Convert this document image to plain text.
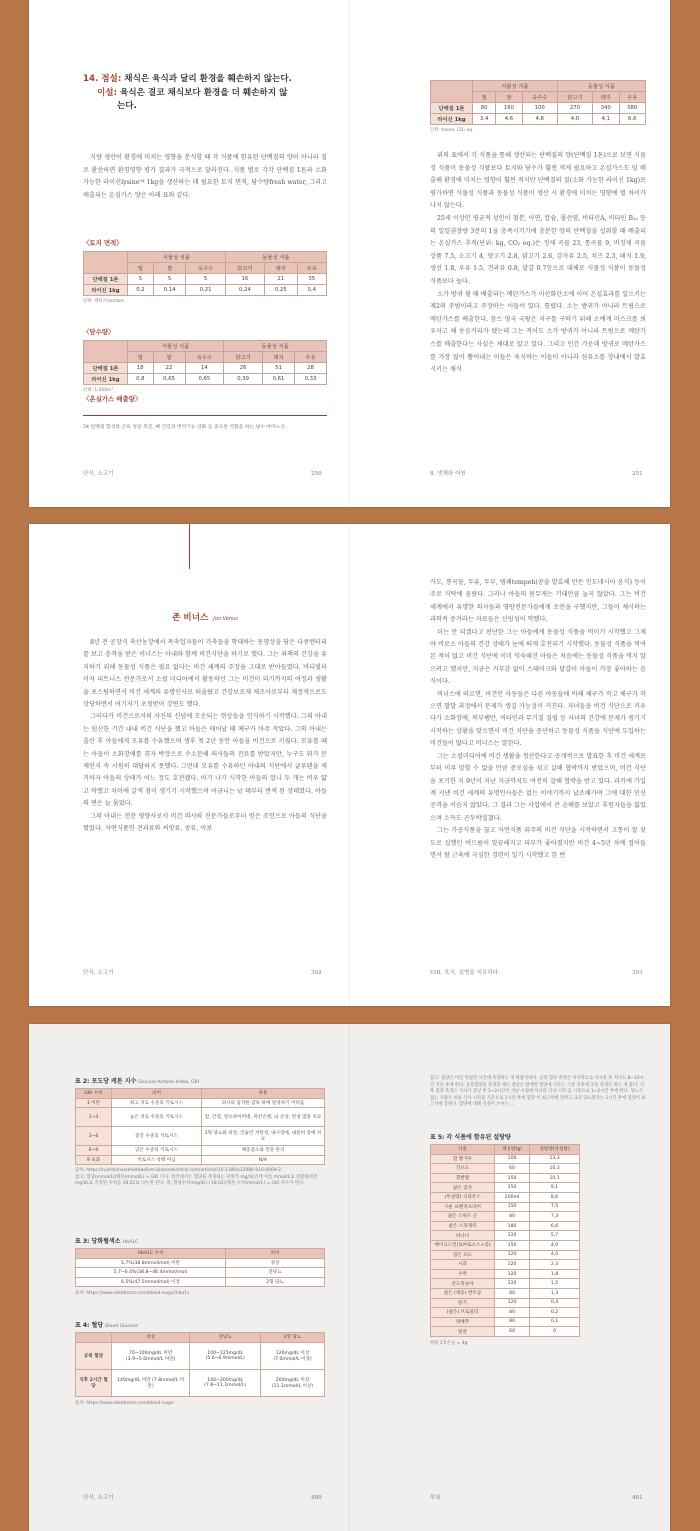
14. 점설: 채식은 육식과 달리 환경을 훼손하지 않는다.
이설: 육식은 결코 채식보다 환경을 더 훼손하지 않
는다.

식량 생산이 환경에 미치는 영향을 분석할 때 각 식품에 함유된 단백질의 양이 아니라 질로 환산하면 환경영향 평가 결과가 극적으로 달라진다. 식품 별로 각각 단백질 1톤과 소화 가능한 라이신lysine⁵⁴ 1kg을 생산하는 데 필요한 토지 면적, 담수량fresh water, 그리고 배출되는 온실가스 양은 아래 표와 같다.

〈토지 면적〉
	식물성 식품			동물성 식품		
	밀	쌀	옥수수	닭고기	돼지	우유
단백질 1톤	5	5	5	16	21	35
라이신 1kg	0,2	0,14	0,21	0,24	0,25	0,4
단위: 헥타르hectare
〈담수량〉
	식물성 식품			동물성 식품		
	밀	쌀	옥수수	닭고기	돼지	우유
단백질 1톤	18	22	14	26	51	28
라이신 1kg	0,8	0,65	0,65	0,39	0,61	0,33
단위: 1,000m³
〈온실가스 배출량〉
54 단백질 합성과 근육 성장 촉진, 뼈 건강과 면역기능 강화 등 중요한 역할을 하는 필수 아미노산.
단식, 소고기	250
	식물성 식품			동물성 식품		
	밀	쌀	옥수수	닭고기	돼지	우유
단백질 1톤	80	160	100	270	340	580
라이신 1kg	3,4	4,6	4,8	4,0	4,1	6,6
단위: tonne, CO₂ eq.

위의 표에서 각 식품을 통해 생산되는 단백질의 양(단백질 1톤)으로 보면 식물성 식품이 동물성 식품보다 토지와 담수가 훨씬 적게 필요하고 온실가스도 덜 배출해 환경에 미치는 영향이 훨씬 적지만 단백질의 질(소화 가능한 라이신 1kg)로 평가하면 식물성 식품과 동물성 식품이 생산 시 환경에 미치는 영향에 별 차이가 나지 않는다.

25세 이상인 평균적 성인이 철분, 아연, 칼슘, 폴산염, 비타민A, 비타민 B₁₂ 등의 일일권장량 3분의 1을 충족시키기에 충분한 양의 단백질을 섭취할 때 배출되는 온실가스 추적(단위: kg, CO₂ eq.)은 정제 곡물 23, 통곡물 9, 비정제 곡물 상품 7.5, 소고기 4, 양고기 2.8, 닭고기 2.6, 감자류 2.5, 치즈 2.3, 돼지 1.9, 생선 1.8, 우유 1.5, 견과류 0.8, 달걀 0.7등으로 대체로 식물성 식품이 동물성 식품보다 높다.

소가 방귀 뀔 때 배출되는 메탄가스가 이산화탄소에 이어 온실효과를 일으키는 제2의 주범이라고 주장하는 이들이 있다. 틀렸다. 소는 방귀가 아니라 트림으로 메탄가스를 배출한다. 참스 영국 국왕은 지구를 구하기 위해 소에게 마스크를 씌우자고 해 웃음거리가 됐는데 그는 적어도 소가 방귀가 아니라 트림으로 메탄가스를 배출한다는 사실은 제대로 알고 있다. 그리고 인간 가운데 방귀로 메탄가스를 가장 많이 뿜어내는 이들은 육식하는 이들이 아니라 섬유소를 장내에서 발효시키는 채식

8. 생채와 어원	251
존 비너스 Jon Venus

8년 전 공장식 축산농장에서 목축업자들이 가축들을 학대하는 동영상을 담은 다큐멘터리를 보고 충격을 받은 비너스는 아내와 함께 비건식단을 하기로 했다. 그는 죄책의 건강을 유지하기 위해 동물성 식품은 필요 없다는 비건 세계의 주장을 그대로 받아들였다. 바디빌더이자 피트니스 전문가로서 소셜 미디어에서 활동하던 그는 비건이 되기까지의 여정과 생활을 포스팅하면서 비건 세계의 유명인사로 떠올랐고 건강보조제 제조사로부터 재정적으로도 상당하면서 여기저기 초청받아 강연도 했다.

그러다가 비건으로서의 자신의 신념에 모순되는 현상들을 인식하기 시작했다. 그의 아내는 임신한 기간 내내 비건 식단을 했고 아들은 태어날 때 체구가 아주 작았다. 그의 아내는 출산 후 아들에게 모유를 수유했으며 생후 첫 2년 동안 아들을 비건으로 키웠다. 모유를 떼는 아들이 소화장애를 겪자 박장으로 수소문해 의사들의 진료를 받았지만, 누구도 뭐가 문제인지 속 시원히 대답하지 못했다. 그런데 모유를 수유하던 아내의 식단에서 글루텐을 제거하자 아들의 상태가 어느 정도 호전됐다. 아기 나기 시작한 아들의 얼니 두 개는 비우 얇고 약했고 차이에 갈색 점이 생기기 시작했으며 어금니는 낱 테부터 변색 된 상태였다. 아들의 변은 늘 묽었다.

그의 아내는 전문 영양사로서 비건 의사와 전문가들로부터 얻은 조언으로 아들의 식단을 짰었다. 자연식품인 견과류와 씨앗류, 콩류, 아보

단식, 소고기	392

카도, 통곡물, 두유, 두부, 템페tempeh(콩을 발효해 만든 인도네시아 음식) 등이 주로 식탁에 올랐다. 그러나 아들의 몸무게는 기대만큼 늘지 않았다. 그는 비건 세계에서 유명한 의사들과 영양전문가들에게 조언을 구했지만, 그들이 제시하는 과학적 증거라는 자료들은 신빙성이 약했다.

더는 안 되겠다고 판단한 그는 아들에게 동물성 식품을 먹이기 시작했고 그제야 비로소 아들의 건강 상태가 눈에 띄게 호전되기 시작했다. 동물성 식품을 먹여본 적이 없고 비건 식단에 이미 익숙해진 아들은 처음에는 동물성 식품을 먹지 않으려고 했지만, 지금은 거부감 없이 스테이크와 달걀이 아들이 가장 좋아하는 음식이다.

비너스에 따르면, 비건인 아동들은 다른 아동들에 비해 체구가 작고 체구가 작으면 발달 과정에서 문제가 생길 가능성이 커진다. 자녀들을 비건 식단으로 키우다가 소화장애, 복부팽만, 비타민과 무기질 결핍 등 자녀의 건강에 문제가 생기기 시작하는 상황을 맞으면서 비건 식단을 중단하고 동물성 식품을 식단에 도입하는 비건들이 많다고 비너스는 말한다.

그는 소셜미디어에 비건 생활을 청산한다고 공개적으로 발표한 후 비건 세계로부터 이루 말할 수 없을 만큼 중오심을 섞고 살해 협박까지 받았으며, 비건 식단을 포기한 지 9년이 지난 지금까지도 여전히 살해 협박을 받고 있다. 과거에 가입계 지낸 비건 세계의 유명인사들은 없는 이야기까지 날조해가며 그에 대한 인신공격을 서슴지 않았다. 그 결과 그는 사업에서 큰 손해를 보았고 후원자들을 잃었으며 소득도 곤두박질쳤다.

그는 가공식품을 끊고 자연식품 위주의 비건 식단을 시작하면서 고통이 잘 잦도로 실했던 여드름이 말끔해지고 피부가 좋아졌지만 비건 4~5년 차에 접어들면서 팔 근육에 극심한 경련이 일기 시작했고 한 번

VIII. 육식, 실병을 치유하다.	393
표 2: 포도당 케톤 지수 Glucose Ketone Index, GKI
GKI 수치	의미	용용
1 이만	최고 치료 수준의 키토시스	의사의 엄격한 감독 하에 달성하기 어려움
1~3	높은 치료 수준의 키토시스	암, 간질, 알츠하이머병, 파킨슨병, 뇌 손상, 만성 염증 치료
3~6	중간 수준의 키토시스	2형 당뇨와 비만, 인슐린 저항성, 내시장애, 내분비 장애 치료
6~9	낮은 수준의 키토시스	체중감소와 건강 관리
9 초과	키토시스 상태 아님	N/A
출처: https://nutritionandmetabolism.biomedcentral.com/articles/10.1186/s12986-016-0069-2
참고: 혈당(mmol/L)/케톤(mmol/L) = GKI 이다. 한국에서는 혈당을 측정하는 단위가 mg/dL인데 이를 mmol/L로 전환하려면 mg/dL로 측정된 수치를 18.02로 나누면 된다. 즉, 혈당수치(mg/dL)÷18.02)/케톤 수치(mmol/L) = GKI 지수가 된다.
표 3: 당화혈색소 HbA1C
HbA1C 수치	의미
5.7%(38.8mmol/mol) 미만	정상
5.7~6.4%(38.8~46.4mmol/mol)	전당뇨
6.5%(47.5mmol/mol) 이상	2형 당뇨
출처: https://www.dietdoctor.com/blood-sugar/hba1c
표 4: 혈당 Blood Glucose
	정상	전당뇨	2형 당뇨
공복 혈당	70~100mg/dL 미만 (3.9~5.6mmol/L 미만)	100~125mg/dL (5.6~6.9mmol/L)	126mg/dL 이상 (7.0mmol/L 이상)
식후 2시간 혈당	140mg/dL 미만 (7.8mmol/L 미만)	140~200mg/dL (7.8~11.1mmol/L)	200mg/dL 이상 (11.1mmol/L 이상)
출처: https://www.dietdoctor.com/blood-sugar
단식, 소고기	480
참고: 혈당은 비일 먹었던 시간에 측정하는 게 바람직하다. 공복 혈당 측정은 마지막으로 식사한 후 적어도 8~10시간 지난 후에 한다. 공복혈당을 측정할 때는 전날은 밤에만 혈당에 의존는 기상 직후에 공동 측정은 하는 게 좋다. 식후 혈당 측정은 식사가 끝난 후 1~2시간이 지난 시점에 아니라 식사 시작 을 기준으로 1~2시간 후에 한다. 당뇨가 없는 사람은 보통 식사 시작을 기준으로 1시간 후에 혈당 이 최고치에 달하고, 2형 당뇨환자는 2시간 후에 혈당이 최고치에 달한다. 혈당에 대해 신경이 쓰이는 ...
표 5: 각 식품에 함유된 설탕량
식품	제공량(g)	설탕량(각설탕)
흰 빵가루	100	13,3
건포도	60	10,3
흰쌀밥	150	10,1
삶은 감자	150	9,1
(무설탕) 사과주스	200ml	8,6
구운 프렌치프라이	150	7,5
삶은 스위트 콘	80	7,3
삶은 스파게티	180	6,6
바나나	120	5,7
베이크드빈(토마토소스+콩)	150	4,0
겹은 포도	120	4,0
시과	120	2,3
수박	120	1,8
전도목숭아	120	1,5
삶은 (냉동) 완두콩	80	1,3
딸기	120	0,4
(삶은) 브로콜리	80	0,2
양배추	80	0,1
달걀	60	0
설탕 1작은술 = 4g
부록	481
